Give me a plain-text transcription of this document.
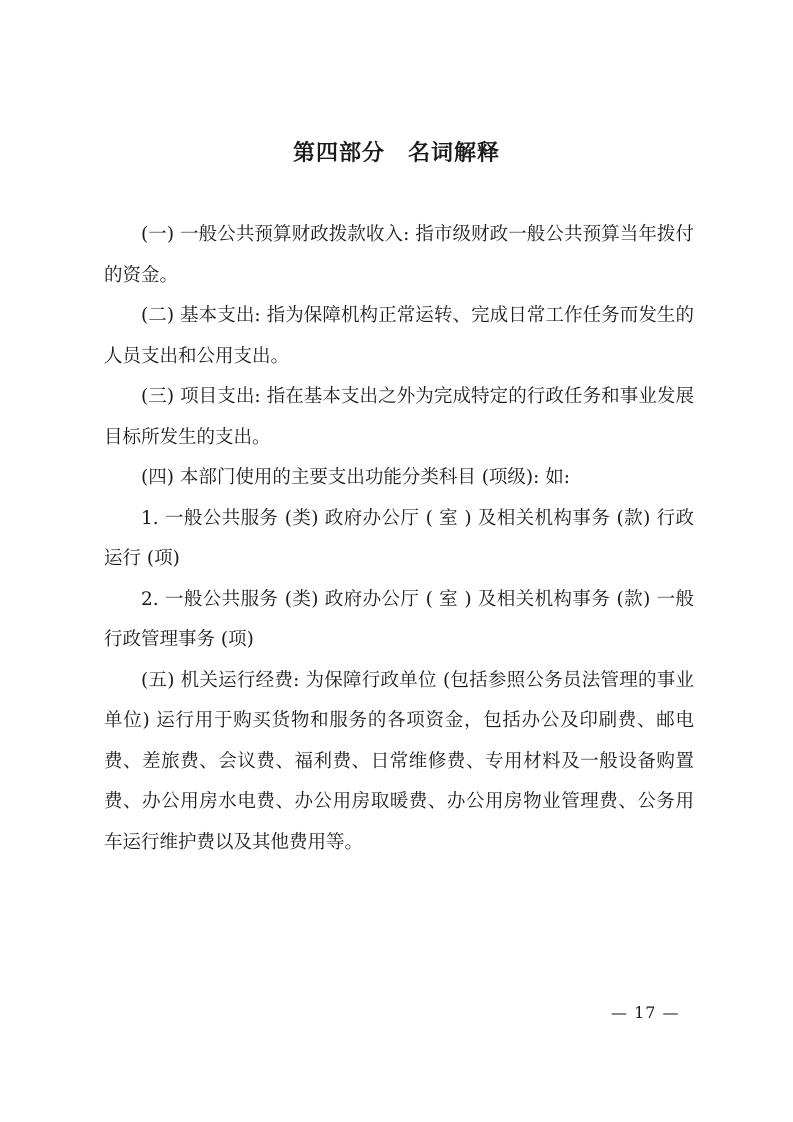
第四部分　名词解释

(一) 一般公共预算财政拨款收入: 指市级财政一般公共预算当年拨付的资金。

(二) 基本支出: 指为保障机构正常运转、完成日常工作任务而发生的人员支出和公用支出。

(三) 项目支出: 指在基本支出之外为完成特定的行政任务和事业发展目标所发生的支出。

(四) 本部门使用的主要支出功能分类科目 (项级): 如:

1. 一般公共服务 (类) 政府办公厅 ( 室 ) 及相关机构事务 (款) 行政运行 (项)

2. 一般公共服务 (类) 政府办公厅 ( 室 ) 及相关机构事务 (款) 一般行政管理事务 (项)

(五) 机关运行经费: 为保障行政单位 (包括参照公务员法管理的事业单位) 运行用于购买货物和服务的各项资金，包括办公及印刷费、邮电费、差旅费、会议费、福利费、日常维修费、专用材料及一般设备购置费、办公用房水电费、办公用房取暖费、办公用房物业管理费、公务用车运行维护费以及其他费用等。

— 17 —
